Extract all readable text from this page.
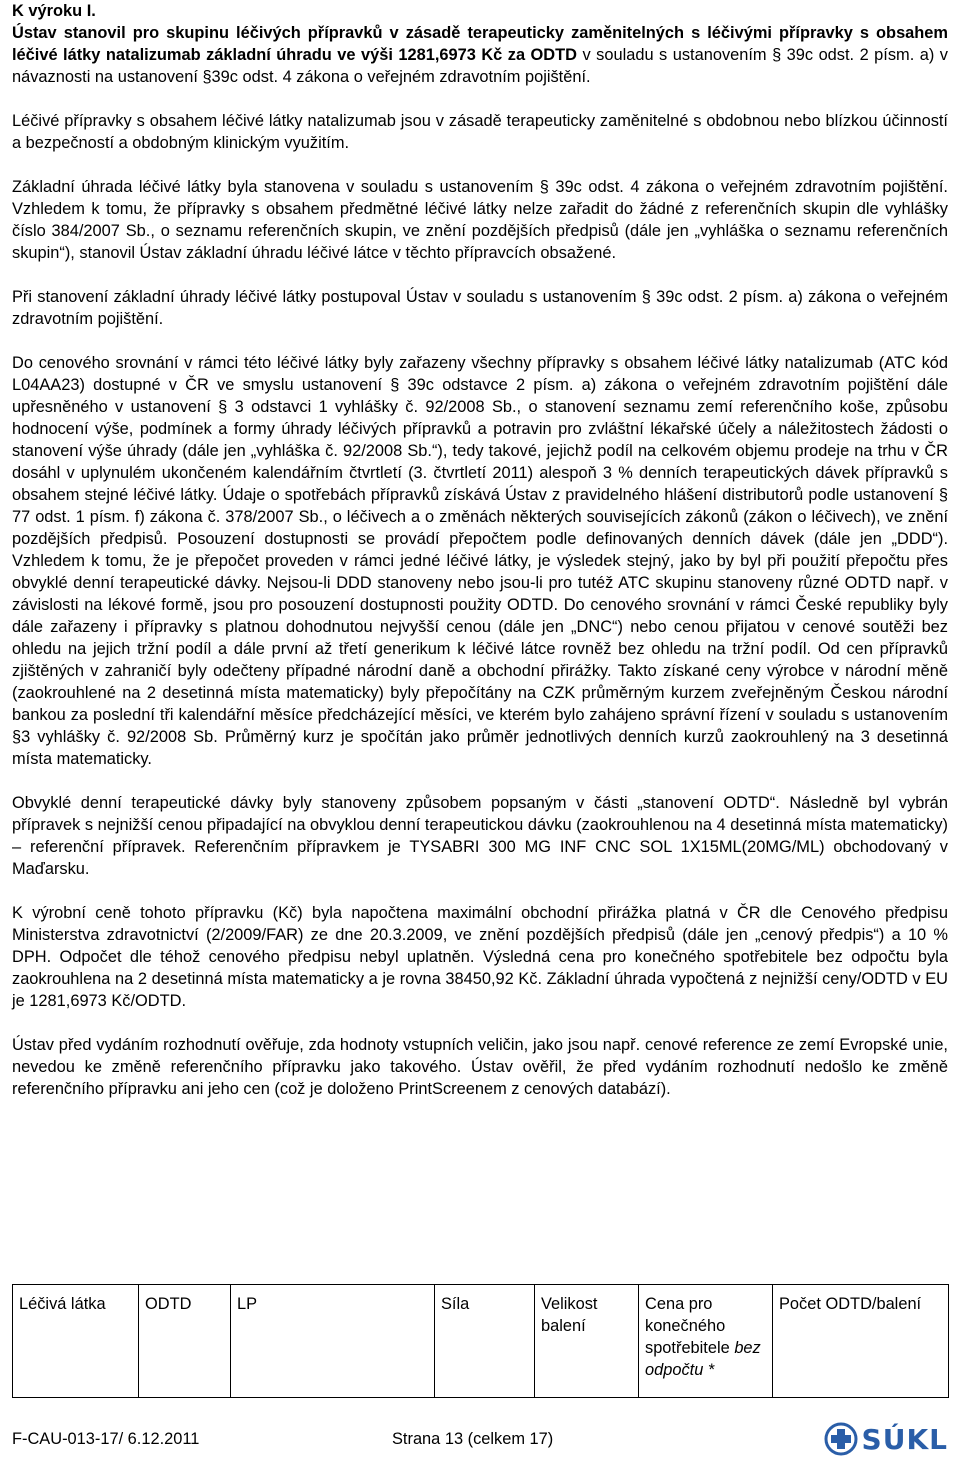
K výroku I.

Ústav stanovil pro skupinu léčivých přípravků v zásadě terapeuticky zaměnitelných s léčivými přípravky s obsahem léčivé látky natalizumab základní úhradu ve výši 1281,6973 Kč za ODTD v souladu s ustanovením § 39c odst. 2 písm. a) v návaznosti na ustanovení §39c odst. 4 zákona o veřejném zdravotním pojištění.

Léčivé přípravky s obsahem léčivé látky natalizumab jsou v zásadě terapeuticky zaměnitelné s obdobnou nebo blízkou účinností a bezpečností a obdobným klinickým využitím.

Základní úhrada léčivé látky byla stanovena v souladu s ustanovením § 39c odst. 4 zákona o veřejném zdravotním pojištění. Vzhledem k tomu, že přípravky s obsahem předmětné léčivé látky nelze zařadit do žádné z referenčních skupin dle vyhlášky číslo 384/2007 Sb., o seznamu referenčních skupin, ve znění pozdějších předpisů (dále jen „vyhláška o seznamu referenčních skupin“), stanovil Ústav základní úhradu léčivé látce v těchto přípravcích obsažené.

Při stanovení základní úhrady léčivé látky postupoval Ústav v souladu s ustanovením § 39c odst. 2 písm. a) zákona o veřejném zdravotním pojištění.

Do cenového srovnání v rámci této léčivé látky byly zařazeny všechny přípravky s obsahem léčivé látky natalizumab (ATC kód L04AA23) dostupné v ČR ve smyslu ustanovení § 39c odstavce 2 písm. a) zákona o veřejném zdravotním pojištění dále upřesněného v ustanovení § 3 odstavci 1 vyhlášky č. 92/2008 Sb., o stanovení seznamu zemí referenčního koše, způsobu hodnocení výše, podmínek a formy úhrady léčivých přípravků a potravin pro zvláštní lékařské účely a náležitostech žádosti o stanovení výše úhrady (dále jen „vyhláška č. 92/2008 Sb.“), tedy takové, jejichž podíl na celkovém objemu prodeje na trhu v ČR dosáhl v uplynulém ukončeném kalendářním čtvrtletí (3. čtvrtletí 2011) alespoň 3 % denních terapeutických dávek přípravků s obsahem stejné léčivé látky. Údaje o spotřebách přípravků získává Ústav z pravidelného hlášení distributorů podle ustanovení § 77 odst. 1 písm. f) zákona č. 378/2007 Sb., o léčivech a o změnách některých souvisejících zákonů (zákon o léčivech), ve znění pozdějších předpisů. Posouzení dostupnosti se provádí přepočtem podle definovaných denních dávek (dále jen „DDD“). Vzhledem k tomu, že je přepočet proveden v rámci jedné léčivé látky, je výsledek stejný, jako by byl při použití přepočtu přes obvyklé denní terapeutické dávky. Nejsou-li DDD stanoveny nebo jsou-li pro tutéž ATC skupinu stanoveny různé ODTD např. v závislosti na lékové formě, jsou pro posouzení dostupnosti použity ODTD. Do cenového srovnání v rámci České republiky byly dále zařazeny i přípravky s platnou dohodnutou nejvyšší cenou (dále jen „DNC“) nebo cenou přijatou v cenové soutěži bez ohledu na jejich tržní podíl a dále první až třetí generikum k léčivé látce rovněž bez ohledu na tržní podíl. Od cen přípravků zjištěných v zahraničí byly odečteny případné národní daně a obchodní přirážky. Takto získané ceny výrobce v národní měně (zaokrouhlené na 2 desetinná místa matematicky) byly přepočítány na CZK průměrným kurzem zveřejněným Českou národní bankou za poslední tři kalendářní měsíce předcházející měsíci, ve kterém bylo zahájeno správní řízení v souladu s ustanovením §3 vyhlášky č. 92/2008 Sb. Průměrný kurz je spočítán jako průměr jednotlivých denních kurzů zaokrouhlený na 3 desetinná místa matematicky.

Obvyklé denní terapeutické dávky byly stanoveny způsobem popsaným v části „stanovení ODTD“. Následně byl vybrán přípravek s nejnižší cenou připadající na obvyklou denní terapeutickou dávku (zaokrouhlenou na 4 desetinná místa matematicky) – referenční přípravek. Referenčním přípravkem je TYSABRI 300 MG INF CNC SOL 1X15ML(20MG/ML) obchodovaný v Maďarsku.

K výrobní ceně tohoto přípravku (Kč) byla napočtena maximální obchodní přirážka platná v ČR dle Cenového předpisu Ministerstva zdravotnictví (2/2009/FAR) ze dne 20.3.2009, ve znění pozdějších předpisů (dále jen „cenový předpis“) a 10 % DPH. Odpočet dle téhož cenového předpisu nebyl uplatněn. Výsledná cena pro konečného spotřebitele bez odpočtu byla zaokrouhlena na 2 desetinná místa matematicky a je rovna 38450,92 Kč. Základní úhrada vypočtená z nejnižší ceny/ODTD v EU je 1281,6973 Kč/ODTD.

Ústav před vydáním rozhodnutí ověřuje, zda hodnoty vstupních veličin, jako jsou např. cenové reference ze zemí Evropské unie, nevedou ke změně referenčního přípravku jako takového. Ústav ověřil, že před vydáním rozhodnutí nedošlo ke změně referenčního přípravku ani jeho cen (což je doloženo PrintScreenem z cenových databází).

Léčivá látka	ODTD	LP	Síla	Velikost balení	Cena pro konečného spotřebitele bez odpočtu *	Počet ODTD/balení
F-CAU-013-17/ 6.12.2011	Strana 13 (celkem 17)	SÚKL
